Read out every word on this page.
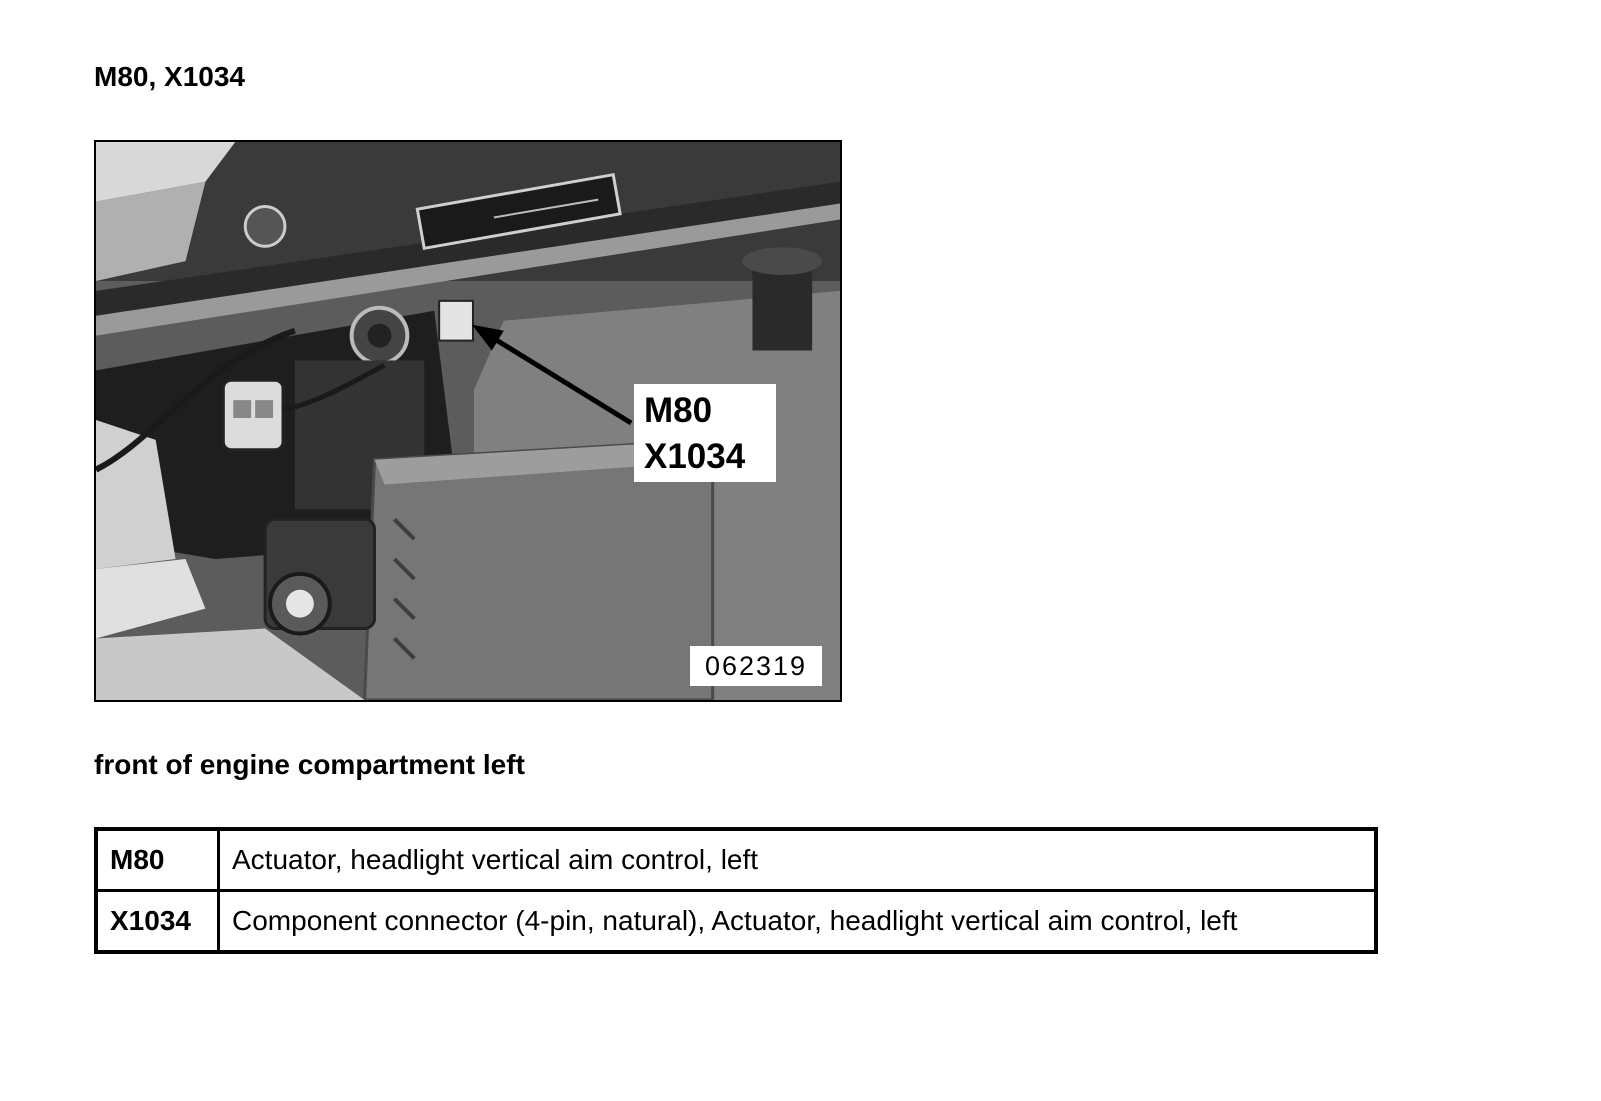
M80, X1034
M80
X1034
062319

front of engine compartment left

M80	Actuator, headlight vertical aim control, left
X1034	Component connector (4-pin, natural), Actuator, headlight vertical aim control, left
